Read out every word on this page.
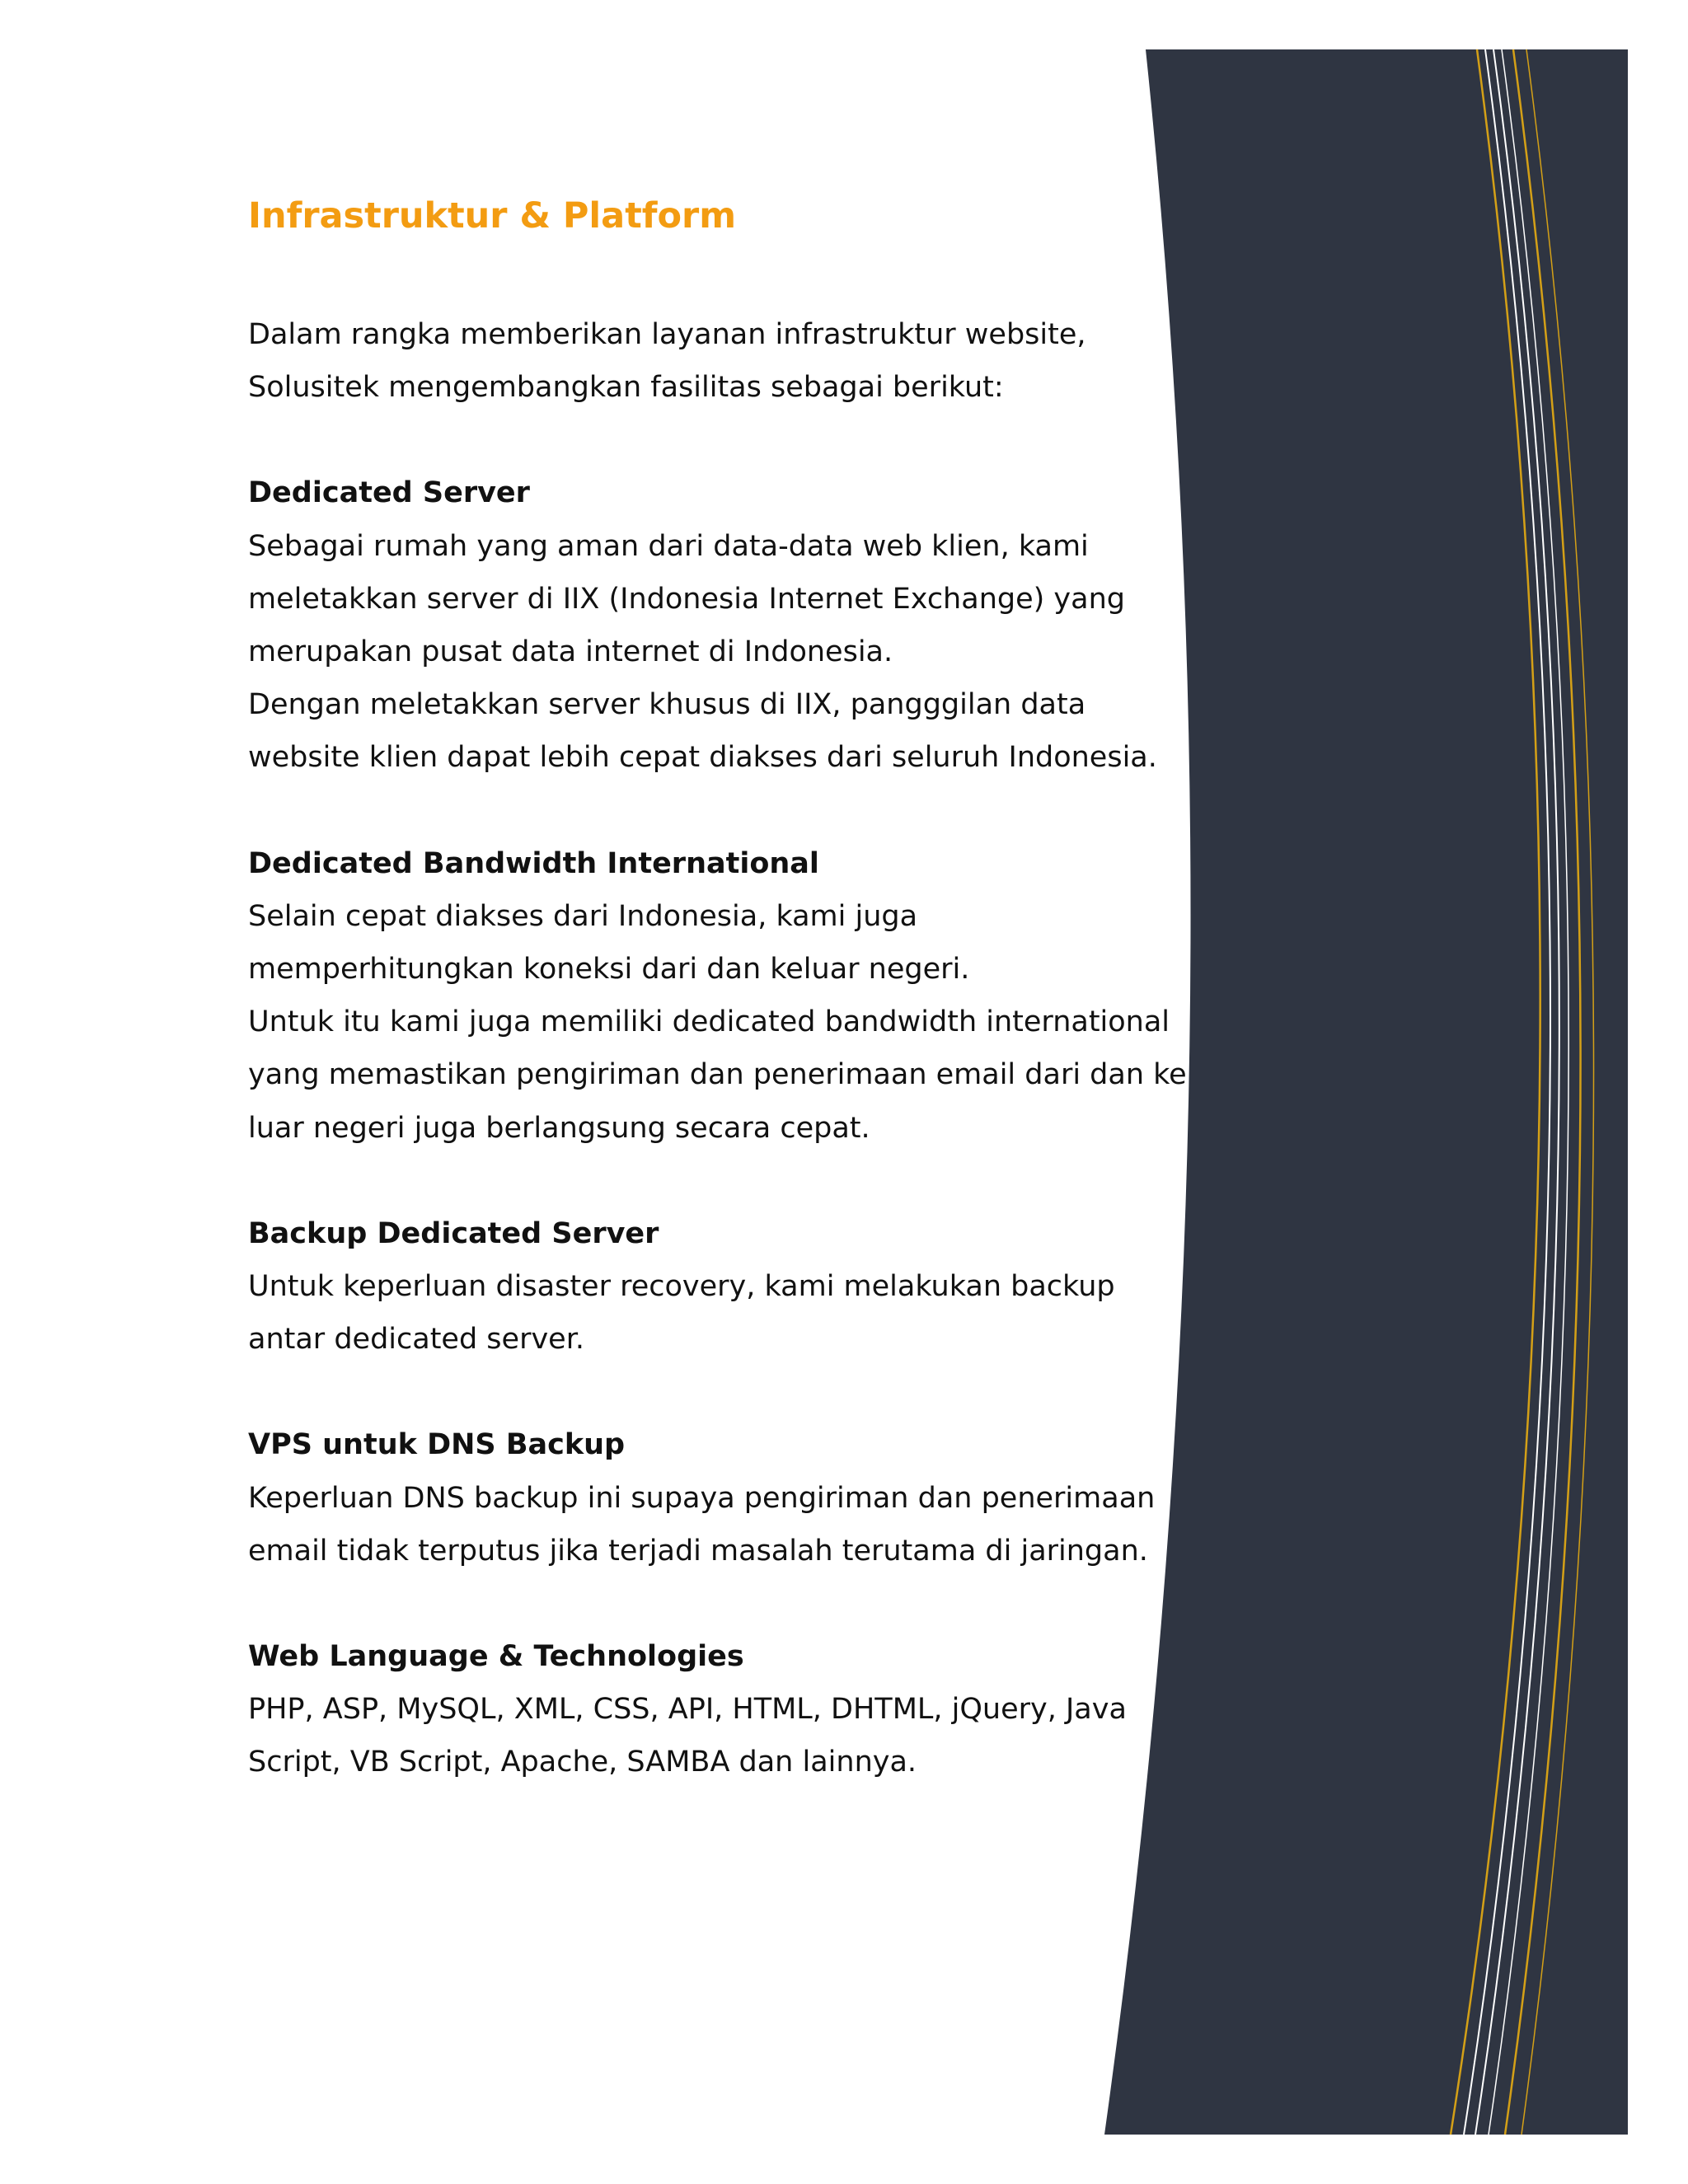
Infrastruktur & Platform
Dalam rangka memberikan layanan infrastruktur website,
Solusitek mengembangkan fasilitas sebagai berikut:
Dedicated Server
Sebagai rumah yang aman dari data-data web klien, kami
meletakkan server di IIX (Indonesia Internet Exchange) yang
merupakan pusat data internet di Indonesia.
Dengan meletakkan server khusus di IIX, pangggilan data
website klien dapat lebih cepat diakses dari seluruh Indonesia.
Dedicated Bandwidth International
Selain cepat diakses dari Indonesia, kami juga
memperhitungkan koneksi dari dan keluar negeri.
Untuk itu kami juga memiliki dedicated bandwidth international
yang memastikan pengiriman dan penerimaan email dari dan ke
luar negeri juga berlangsung secara cepat.
Backup Dedicated Server
Untuk keperluan disaster recovery, kami melakukan backup
antar dedicated server.
VPS untuk DNS Backup
Keperluan DNS backup ini supaya pengiriman dan penerimaan
email tidak terputus jika terjadi masalah terutama di jaringan.
Web Language & Technologies
PHP, ASP, MySQL, XML, CSS, API, HTML, DHTML, jQuery, Java
Script, VB Script, Apache, SAMBA dan lainnya.
